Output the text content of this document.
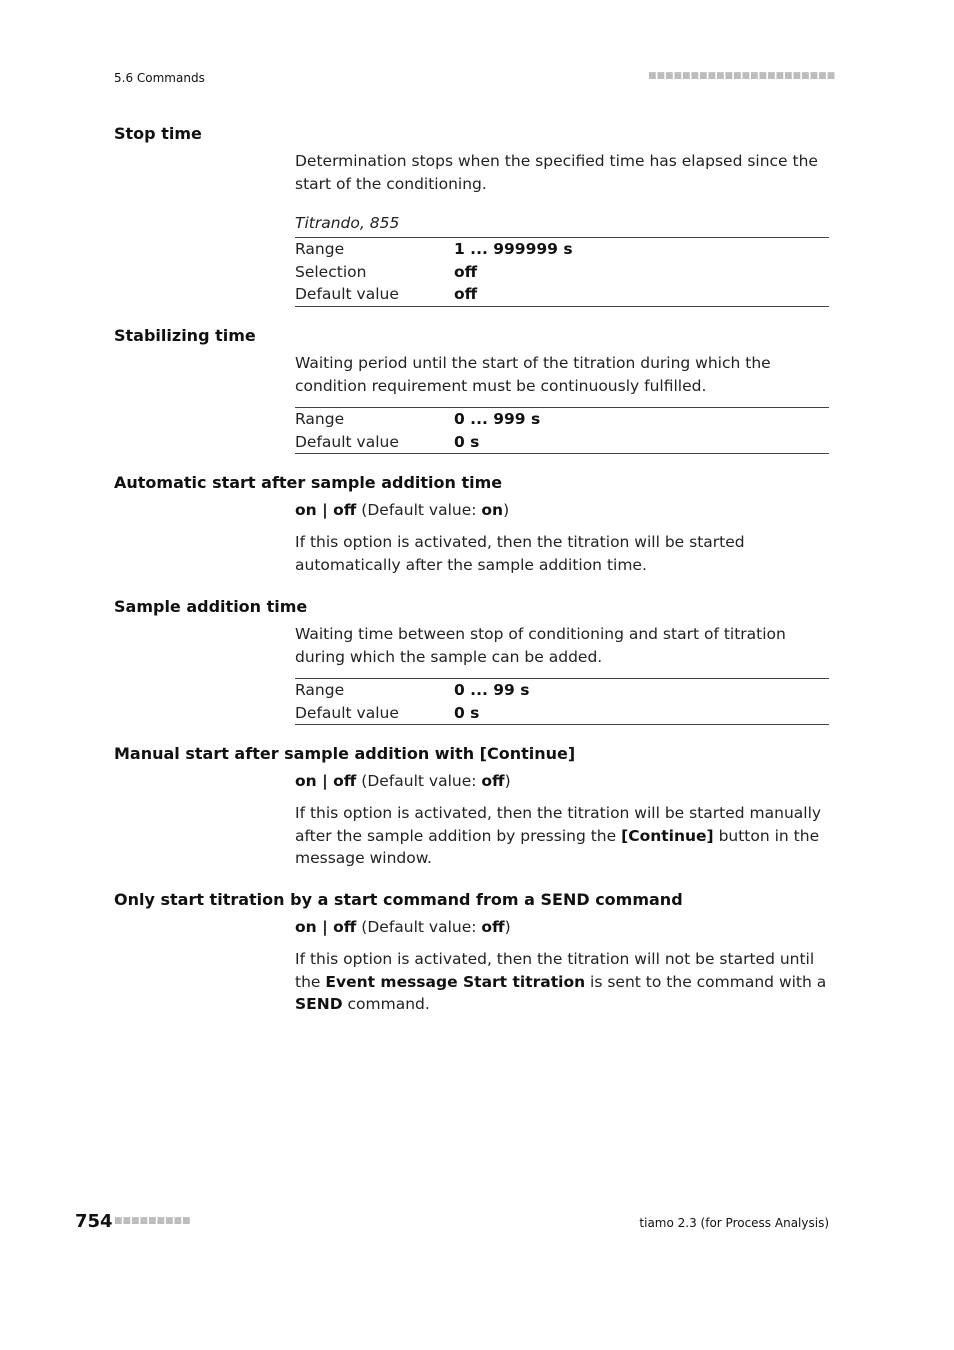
5.6 Commands	■■■■■■■■■■■■■■■■■■■■■■
Stop time
Determination stops when the specified time has elapsed since the start of the conditioning.
Titrando, 855
Range	1 ... 999999 s
Selection	off
Default value	off
Stabilizing time
Waiting period until the start of the titration during which the condition requirement must be continuously fulfilled.
Range	0 ... 999 s
Default value	0 s
Automatic start after sample addition time
on | off (Default value: on)
If this option is activated, then the titration will be started automatically after the sample addition time.
Sample addition time
Waiting time between stop of conditioning and start of titration during which the sample can be added.
Range	0 ... 99 s
Default value	0 s
Manual start after sample addition with [Continue]
on | off (Default value: off)
If this option is activated, then the titration will be started manually after the sample addition by pressing the [Continue] button in the message window.
Only start titration by a start command from a SEND command
on | off (Default value: off)
If this option is activated, then the titration will not be started until the Event message Start titration is sent to the command with a SEND command.
754 ■■■■■■■■■	tiamo 2.3 (for Process Analysis)
